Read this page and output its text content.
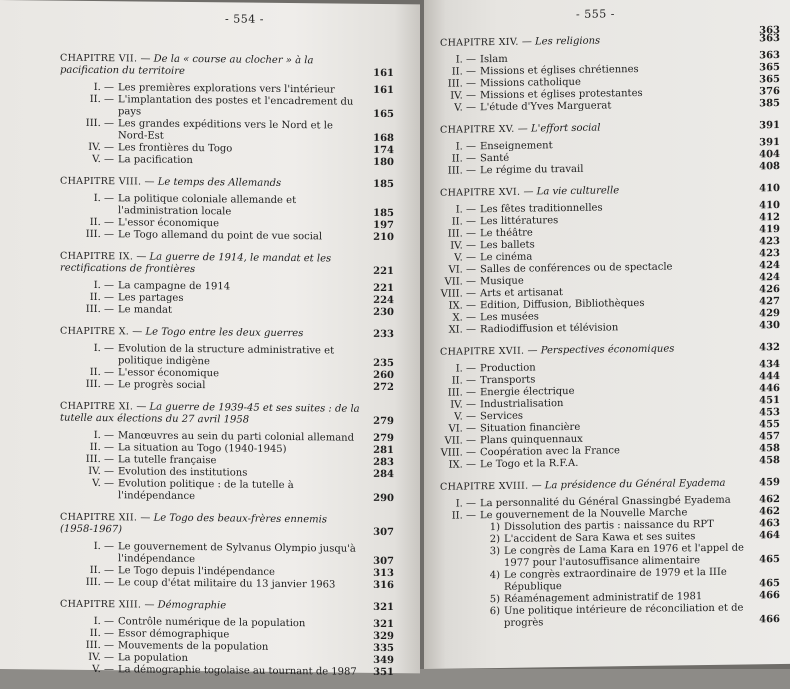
- 554 -
CHAPITRE VII. — De la « course au clocher » à la pacification du territoire	161
I. — Les premières explorations vers l'intérieur	161
II. — L'implantation des postes et l'encadrement du pays	165
III. — Les grandes expéditions vers le Nord et le Nord-Est	168
IV. — Les frontières du Togo	174
V. — La pacification	180
CHAPITRE VIII. — Le temps des Allemands	185
I. — La politique coloniale allemande et l'administration locale	185
II. — L'essor économique	197
III. — Le Togo allemand du point de vue social	210
CHAPITRE IX. — La guerre de 1914, le mandat et les rectifications de frontières	221
I. — La campagne de 1914	221
II. — Les partages	224
III. — Le mandat	230
CHAPITRE X. — Le Togo entre les deux guerres	233
I. — Evolution de la structure administrative et politique indigène	235
II. — L'essor économique	260
III. — Le progrès social	272
CHAPITRE XI. — La guerre de 1939-45 et ses suites : de la tutelle aux élections du 27 avril 1958	279
I. — Manœuvres au sein du parti colonial allemand	279
II. — La situation au Togo (1940-1945)	281
III. — La tutelle française	283
IV. — Evolution des institutions	284
V. — Evolution politique : de la tutelle à l'indépendance	290
CHAPITRE XII. — Le Togo des beaux-frères ennemis (1958-1967)	307
I. — Le gouvernement de Sylvanus Olympio jusqu'à l'indépendance	307
II. — Le Togo depuis l'indépendance	313
III. — Le coup d'état militaire du 13 janvier 1963	316
CHAPITRE XIII. — Démographie	321
I. — Contrôle numérique de la population	321
II. — Essor démographique	329
III. — Mouvements de la population	335
IV. — La population	349
V. — La démographie togolaise au tournant de 1987	351
- 555 -
363
CHAPITRE XIV. — Les religions	363
I. — Islam	363
II. — Missions et églises chrétiennes	365
III. — Missions catholique	365
IV. — Missions et églises protestantes	376
V. — L'étude d'Yves Marguerat	385
CHAPITRE XV. — L'effort social	391
I. — Enseignement	391
II. — Santé	404
III. — Le régime du travail	408
CHAPITRE XVI. — La vie culturelle	410
I. — Les fêtes traditionnelles	410
II. — Les littératures	412
III. — Le théâtre	419
IV. — Les ballets	423
V. — Le cinéma	423
VI. — Salles de conférences ou de spectacle	424
VII. — Musique	424
VIII. — Arts et artisanat	426
IX. — Edition, Diffusion, Bibliothèques	427
X. — Les musées	429
XI. — Radiodiffusion et télévision	430
CHAPITRE XVII. — Perspectives économiques	432
I. — Production	434
II. — Transports	444
III. — Energie électrique	446
IV. — Industrialisation	451
V. — Services	453
VI. — Situation financière	455
VII. — Plans quinquennaux	457
VIII. — Coopération avec la France	458
IX. — Le Togo et la R.F.A.	458
CHAPITRE XVIII. — La présidence du Général Eyadema	459
I. — La personnalité du Général Gnassingbé Eyadema	462
II. — Le gouvernement de la Nouvelle Marche	462
1) Dissolution des partis : naissance du RPT	463
2) L'accident de Sara Kawa et ses suites	464
3) Le congrès de Lama Kara en 1976 et l'appel de 1977 pour l'autosuffisance alimentaire	465
4) Le congrès extraordinaire de 1979 et la IIIe République	465
5) Réaménagement administratif de 1981	466
6) Une politique intérieure de réconciliation et de progrès	466
